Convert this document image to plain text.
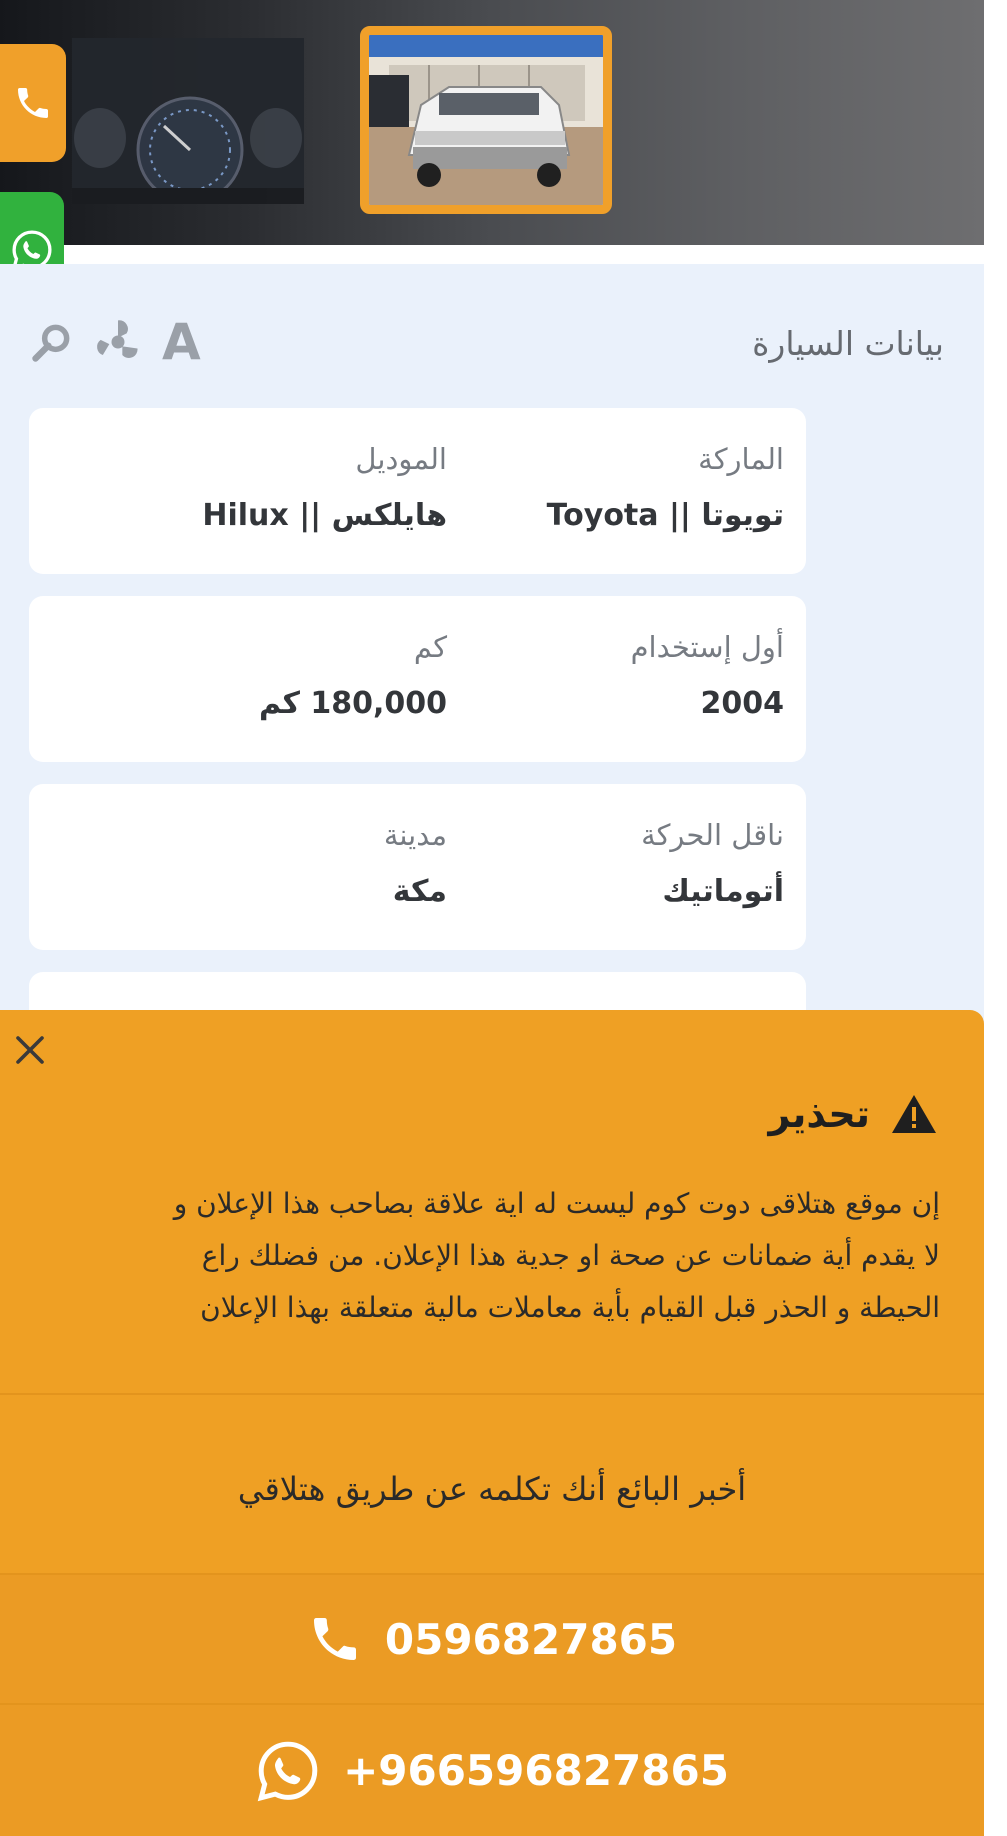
بيانات السيارة
A
الماركة
تويوتا || Toyota
الموديل
هايلكس || Hilux
أول إستخدام
2004
كم
180,000 كم
ناقل الحركة
أتوماتيك
مدينة
مكة
تحذير
إن موقع هتلاقى دوت كوم ليست له اية علاقة بصاحب هذا الإعلان و
لا يقدم أية ضمانات عن صحة او جدية هذا الإعلان. من فضلك راع
الحيطة و الحذر قبل القيام بأية معاملات مالية متعلقة بهذا الإعلان
أخبر البائع أنك تكلمه عن طريق هتلاقي
0596827865
+966596827865
